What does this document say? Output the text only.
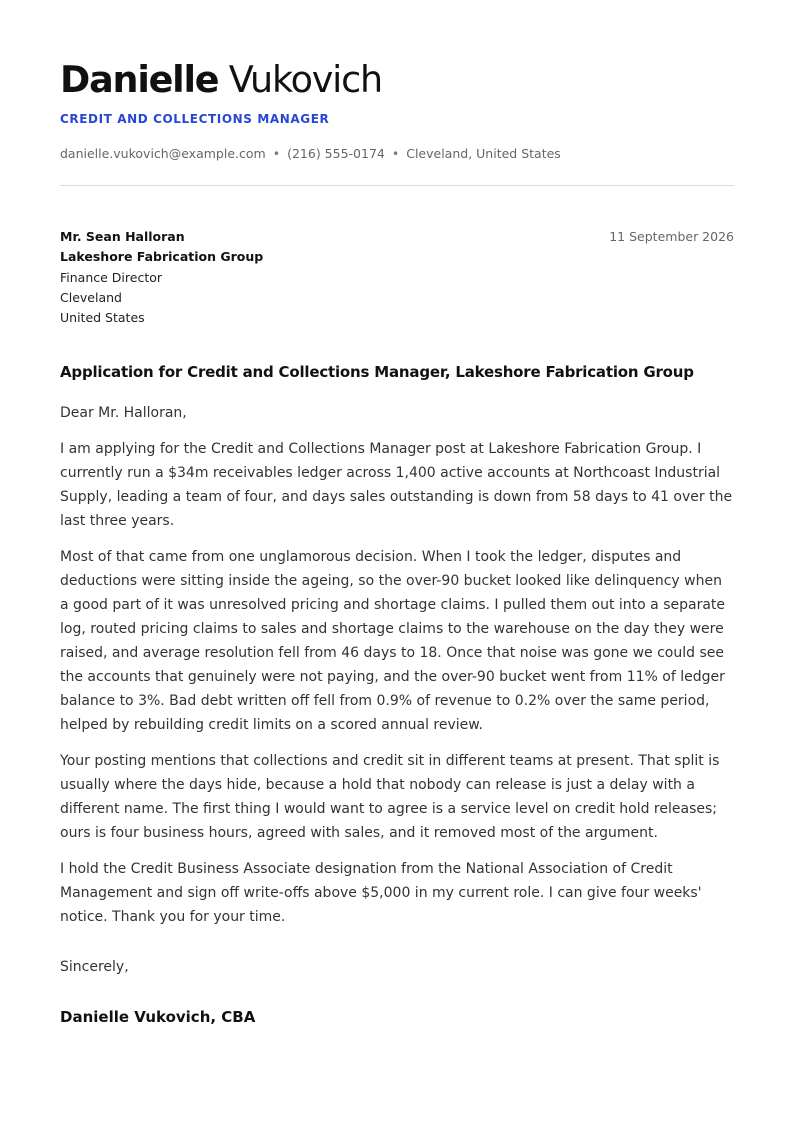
Danielle Vukovich
CREDIT AND COLLECTIONS MANAGER
danielle.vukovich@example.com • (216) 555-0174 • Cleveland, United States
Mr. Sean Halloran
Lakeshore Fabrication Group
Finance Director
Cleveland
United States
11 September 2026
Application for Credit and Collections Manager, Lakeshore Fabrication Group

Dear Mr. Halloran,

I am applying for the Credit and Collections Manager post at Lakeshore Fabrication Group. I currently run a $34m receivables ledger across 1,400 active accounts at Northcoast Industrial Supply, leading a team of four, and days sales outstanding is down from 58 days to 41 over the last three years.

Most of that came from one unglamorous decision. When I took the ledger, disputes and deductions were sitting inside the ageing, so the over-90 bucket looked like delinquency when a good part of it was unresolved pricing and shortage claims. I pulled them out into a separate log, routed pricing claims to sales and shortage claims to the warehouse on the day they were raised, and average resolution fell from 46 days to 18. Once that noise was gone we could see the accounts that genuinely were not paying, and the over-90 bucket went from 11% of ledger balance to 3%. Bad debt written off fell from 0.9% of revenue to 0.2% over the same period, helped by rebuilding credit limits on a scored annual review.

Your posting mentions that collections and credit sit in different teams at present. That split is usually where the days hide, because a hold that nobody can release is just a delay with a different name. The first thing I would want to agree is a service level on credit hold releases; ours is four business hours, agreed with sales, and it removed most of the argument.

I hold the Credit Business Associate designation from the National Association of Credit Management and sign off write-offs above $5,000 in my current role. I can give four weeks' notice. Thank you for your time.

Sincerely,
Danielle Vukovich, CBA
